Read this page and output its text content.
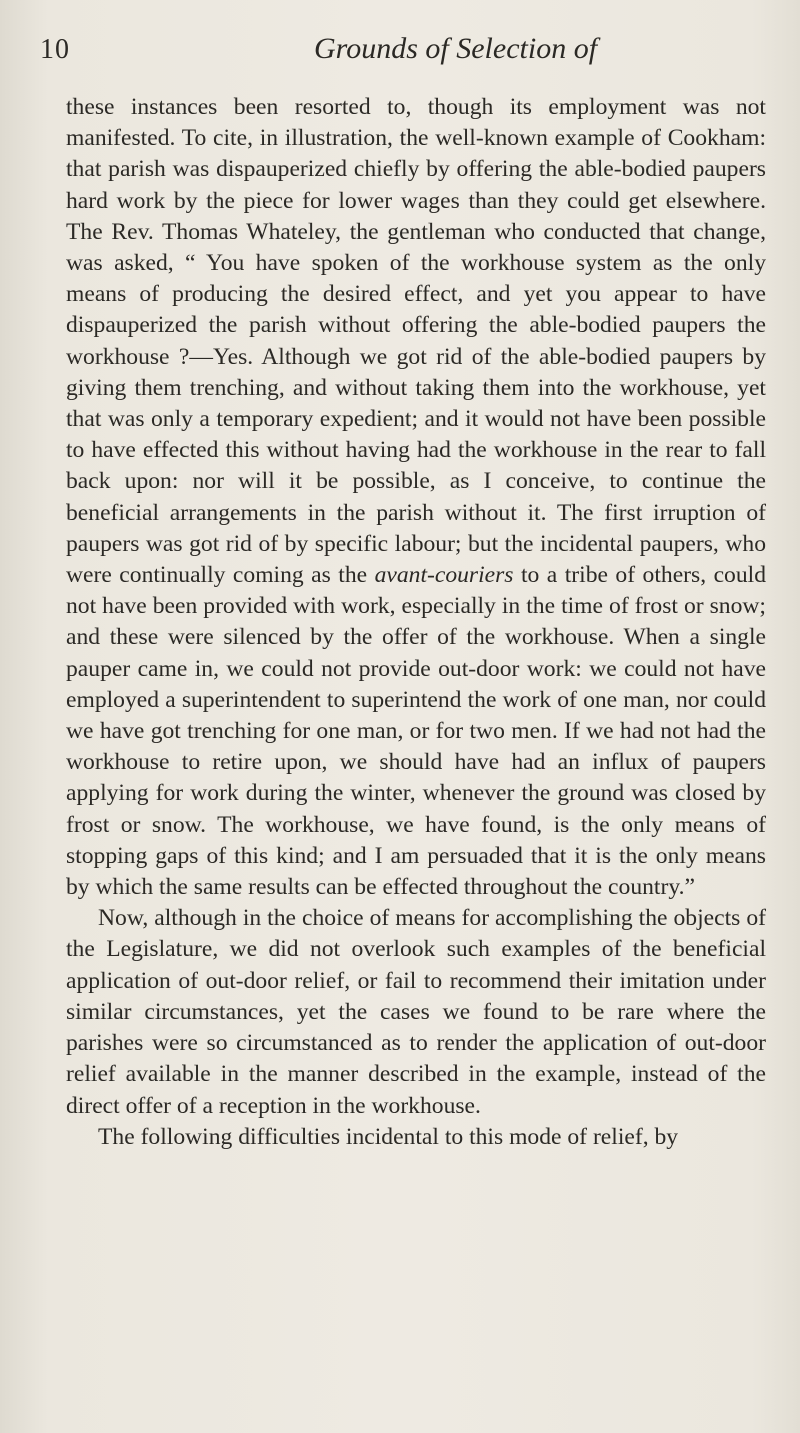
10	Grounds of Selection of

these instances been resorted to, though its employment was not manifested. To cite, in illustration, the well-known example of Cookham: that parish was dispauperized chiefly by offering the able-bodied paupers hard work by the piece for lower wages than they could get elsewhere. The Rev. Thomas Whateley, the gentleman who conducted that change, was asked, “ You have spoken of the workhouse system as the only means of producing the desired effect, and yet you appear to have dispauperized the parish without offering the able-bodied paupers the workhouse ?—Yes. Although we got rid of the able-bodied paupers by giving them trenching, and without taking them into the workhouse, yet that was only a temporary expedient; and it would not have been possible to have effected this without having had the workhouse in the rear to fall back upon: nor will it be possible, as I conceive, to continue the beneficial arrangements in the parish without it. The first irruption of paupers was got rid of by specific labour; but the incidental paupers, who were continually coming as the avant-couriers to a tribe of others, could not have been provided with work, especially in the time of frost or snow; and these were silenced by the offer of the workhouse. When a single pauper came in, we could not provide out-door work: we could not have employed a superintendent to superintend the work of one man, nor could we have got trenching for one man, or for two men. If we had not had the workhouse to retire upon, we should have had an influx of paupers applying for work during the winter, whenever the ground was closed by frost or snow. The workhouse, we have found, is the only means of stopping gaps of this kind; and I am persuaded that it is the only means by which the same results can be effected throughout the country.”

Now, although in the choice of means for accomplishing the objects of the Legislature, we did not overlook such examples of the beneficial application of out-door relief, or fail to recommend their imitation under similar circumstances, yet the cases we found to be rare where the parishes were so circumstanced as to render the application of out-door relief available in the manner described in the example, instead of the direct offer of a reception in the workhouse.

The following difficulties incidental to this mode of relief, by
